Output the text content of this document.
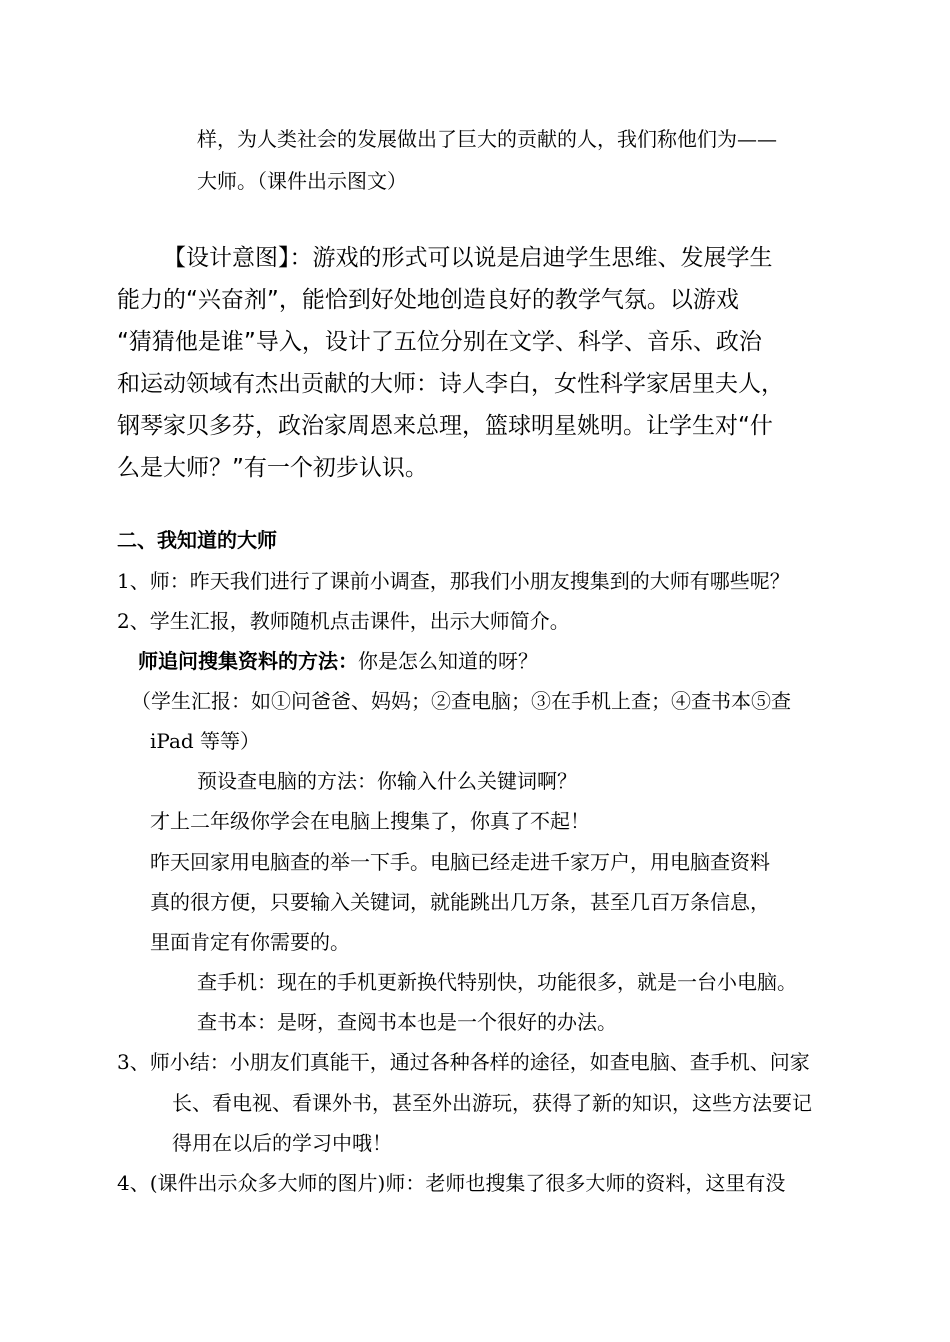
样，为人类社会的发展做出了巨大的贡献的人，我们称他们为——
大师。（课件出示图文）
【设计意图】：游戏的形式可以说是启迪学生思维、发展学生
能力的“兴奋剂”，能恰到好处地创造良好的教学气氛。以游戏
“猜猜他是谁”导入，设计了五位分别在文学、科学、音乐、政治
和运动领域有杰出贡献的大师：诗人李白，女性科学家居里夫人，
钢琴家贝多芬，政治家周恩来总理，篮球明星姚明。让学生对“什
么是大师？”有一个初步认识。
二、我知道的大师
1、师：昨天我们进行了课前小调查，那我们小朋友搜集到的大师有哪些呢？
2、学生汇报，教师随机点击课件，出示大师简介。
师追问搜集资料的方法：你是怎么知道的呀？
（学生汇报：如①问爸爸、妈妈；②查电脑；③在手机上查；④查书本⑤查
iPad 等等）
预设查电脑的方法：你输入什么关键词啊？
才上二年级你学会在电脑上搜集了，你真了不起！
昨天回家用电脑查的举一下手。电脑已经走进千家万户，用电脑查资料
真的很方便，只要输入关键词，就能跳出几万条，甚至几百万条信息，
里面肯定有你需要的。
查手机：现在的手机更新换代特别快，功能很多，就是一台小电脑。
查书本：是呀，查阅书本也是一个很好的办法。
3、师小结：小朋友们真能干，通过各种各样的途径，如查电脑、查手机、问家
长、看电视、看课外书，甚至外出游玩，获得了新的知识，这些方法要记
得用在以后的学习中哦！
4、(课件出示众多大师的图片)师：老师也搜集了很多大师的资料，这里有没
